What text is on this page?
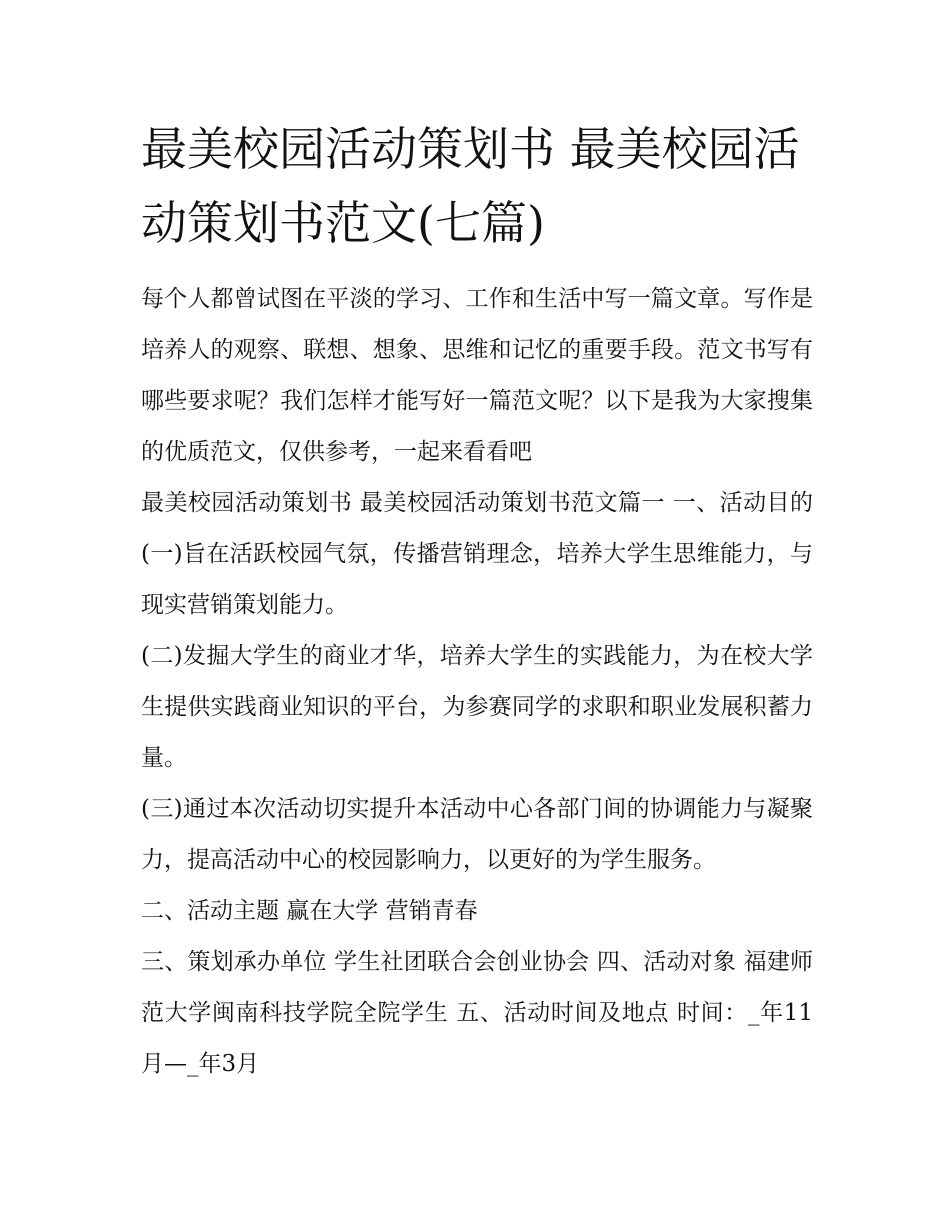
最美校园活动策划书 最美校园活动策划书范文(七篇)

每个人都曾试图在平淡的学习、工作和生活中写一篇文章。写作是培养人的观察、联想、想象、思维和记忆的重要手段。范文书写有哪些要求呢？我们怎样才能写好一篇范文呢？以下是我为大家搜集的优质范文，仅供参考，一起来看看吧

最美校园活动策划书 最美校园活动策划书范文篇一 一、活动目的 (一)旨在活跃校园气氛，传播营销理念，培养大学生思维能力，与现实营销策划能力。

(二)发掘大学生的商业才华，培养大学生的实践能力，为在校大学生提供实践商业知识的平台，为参赛同学的求职和职业发展积蓄力量。

(三)通过本次活动切实提升本活动中心各部门间的协调能力与凝聚力，提高活动中心的校园影响力，以更好的为学生服务。

二、活动主题 赢在大学 营销青春

三、策划承办单位 学生社团联合会创业协会 四、活动对象 福建师范大学闽南科技学院全院学生 五、活动时间及地点 时间：_年11月—_年3月
